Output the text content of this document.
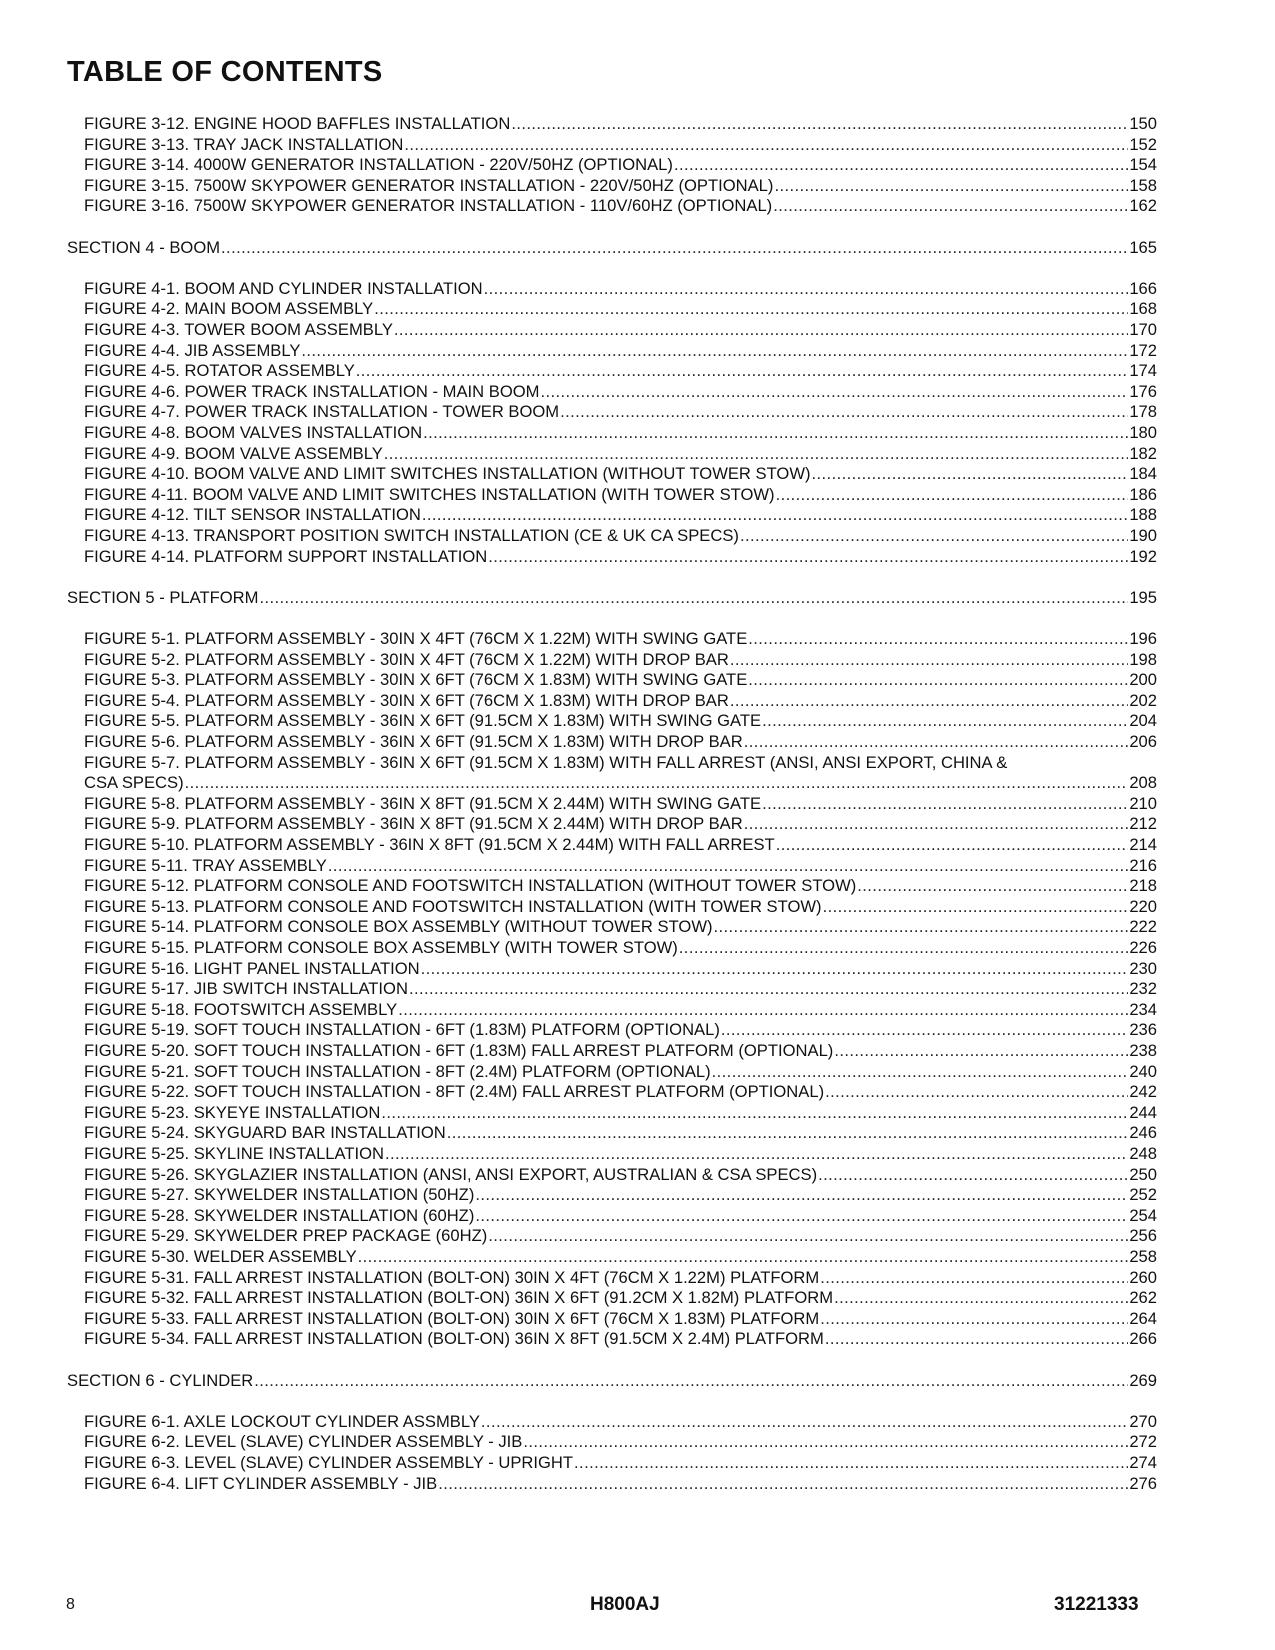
TABLE OF CONTENTS
FIGURE 3-12. ENGINE HOOD BAFFLES INSTALLATION .....	150
FIGURE 3-13. TRAY JACK INSTALLATION .....	152
FIGURE 3-14. 4000W GENERATOR INSTALLATION - 220V/50HZ (OPTIONAL) .....	154
FIGURE 3-15. 7500W SKYPOWER GENERATOR INSTALLATION - 220V/50HZ (OPTIONAL) .....	158
FIGURE 3-16. 7500W SKYPOWER GENERATOR INSTALLATION - 110V/60HZ (OPTIONAL) .....	162
SECTION 4 - BOOM .....	165
FIGURE 4-1. BOOM AND CYLINDER INSTALLATION .....	166
FIGURE 4-2. MAIN BOOM ASSEMBLY .....	168
FIGURE 4-3. TOWER BOOM ASSEMBLY .....	170
FIGURE 4-4. JIB ASSEMBLY .....	172
FIGURE 4-5. ROTATOR ASSEMBLY .....	174
FIGURE 4-6. POWER TRACK INSTALLATION - MAIN BOOM .....	176
FIGURE 4-7. POWER TRACK INSTALLATION - TOWER BOOM .....	178
FIGURE 4-8. BOOM VALVES INSTALLATION .....	180
FIGURE 4-9. BOOM VALVE ASSEMBLY .....	182
FIGURE 4-10. BOOM VALVE AND LIMIT SWITCHES INSTALLATION (WITHOUT TOWER STOW) .....	184
FIGURE 4-11. BOOM VALVE AND LIMIT SWITCHES INSTALLATION (WITH TOWER STOW) .....	186
FIGURE 4-12. TILT SENSOR INSTALLATION .....	188
FIGURE 4-13. TRANSPORT POSITION SWITCH INSTALLATION (CE & UK CA SPECS) .....	190
FIGURE 4-14. PLATFORM SUPPORT INSTALLATION .....	192
SECTION 5 - PLATFORM .....	195
FIGURE 5-1. PLATFORM ASSEMBLY - 30IN X 4FT (76CM X 1.22M) WITH SWING GATE .....	196
FIGURE 5-2. PLATFORM ASSEMBLY - 30IN X 4FT (76CM X 1.22M) WITH DROP BAR .....	198
FIGURE 5-3. PLATFORM ASSEMBLY - 30IN X 6FT (76CM X 1.83M) WITH SWING GATE .....	200
FIGURE 5-4. PLATFORM ASSEMBLY - 30IN X 6FT (76CM X 1.83M) WITH DROP BAR .....	202
FIGURE 5-5. PLATFORM ASSEMBLY - 36IN X 6FT (91.5CM X 1.83M) WITH SWING GATE .....	204
FIGURE 5-6. PLATFORM ASSEMBLY - 36IN X 6FT (91.5CM X 1.83M) WITH DROP BAR .....	206
FIGURE 5-7. PLATFORM ASSEMBLY - 36IN X 6FT (91.5CM X 1.83M) WITH FALL ARREST (ANSI, ANSI EXPORT, CHINA &
CSA SPECS) .....	208
FIGURE 5-8. PLATFORM ASSEMBLY - 36IN X 8FT (91.5CM X 2.44M) WITH SWING GATE .....	210
FIGURE 5-9. PLATFORM ASSEMBLY - 36IN X 8FT (91.5CM X 2.44M) WITH DROP BAR .....	212
FIGURE 5-10. PLATFORM ASSEMBLY - 36IN X 8FT (91.5CM X 2.44M) WITH FALL ARREST .....	214
FIGURE 5-11. TRAY ASSEMBLY .....	216
FIGURE 5-12. PLATFORM CONSOLE AND FOOTSWITCH INSTALLATION (WITHOUT TOWER STOW) .....	218
FIGURE 5-13. PLATFORM CONSOLE AND FOOTSWITCH INSTALLATION (WITH TOWER STOW) .....	220
FIGURE 5-14. PLATFORM CONSOLE BOX ASSEMBLY (WITHOUT TOWER STOW) .....	222
FIGURE 5-15. PLATFORM CONSOLE BOX ASSEMBLY (WITH TOWER STOW) .....	226
FIGURE 5-16. LIGHT PANEL INSTALLATION .....	230
FIGURE 5-17. JIB SWITCH INSTALLATION .....	232
FIGURE 5-18. FOOTSWITCH ASSEMBLY .....	234
FIGURE 5-19. SOFT TOUCH INSTALLATION - 6FT (1.83M) PLATFORM (OPTIONAL) .....	236
FIGURE 5-20. SOFT TOUCH INSTALLATION - 6FT (1.83M) FALL ARREST PLATFORM (OPTIONAL) .....	238
FIGURE 5-21. SOFT TOUCH INSTALLATION - 8FT (2.4M) PLATFORM (OPTIONAL) .....	240
FIGURE 5-22. SOFT TOUCH INSTALLATION - 8FT (2.4M) FALL ARREST PLATFORM (OPTIONAL) .....	242
FIGURE 5-23. SKYEYE INSTALLATION .....	244
FIGURE 5-24. SKYGUARD BAR INSTALLATION .....	246
FIGURE 5-25. SKYLINE INSTALLATION .....	248
FIGURE 5-26. SKYGLAZIER INSTALLATION (ANSI, ANSI EXPORT, AUSTRALIAN & CSA SPECS) .....	250
FIGURE 5-27. SKYWELDER INSTALLATION (50HZ) .....	252
FIGURE 5-28. SKYWELDER INSTALLATION (60HZ) .....	254
FIGURE 5-29. SKYWELDER PREP PACKAGE (60HZ) .....	256
FIGURE 5-30. WELDER ASSEMBLY .....	258
FIGURE 5-31. FALL ARREST INSTALLATION (BOLT-ON) 30IN X 4FT (76CM X 1.22M) PLATFORM .....	260
FIGURE 5-32. FALL ARREST INSTALLATION (BOLT-ON) 36IN X 6FT (91.2CM X 1.82M) PLATFORM .....	262
FIGURE 5-33. FALL ARREST INSTALLATION (BOLT-ON) 30IN X 6FT (76CM X 1.83M) PLATFORM .....	264
FIGURE 5-34. FALL ARREST INSTALLATION (BOLT-ON) 36IN X 8FT (91.5CM X 2.4M) PLATFORM .....	266
SECTION 6 - CYLINDER .....	269
FIGURE 6-1. AXLE LOCKOUT CYLINDER ASSMBLY .....	270
FIGURE 6-2. LEVEL (SLAVE) CYLINDER ASSEMBLY - JIB .....	272
FIGURE 6-3. LEVEL (SLAVE) CYLINDER ASSEMBLY - UPRIGHT .....	274
FIGURE 6-4. LIFT CYLINDER ASSEMBLY - JIB .....	276
8	H800AJ	31221333
